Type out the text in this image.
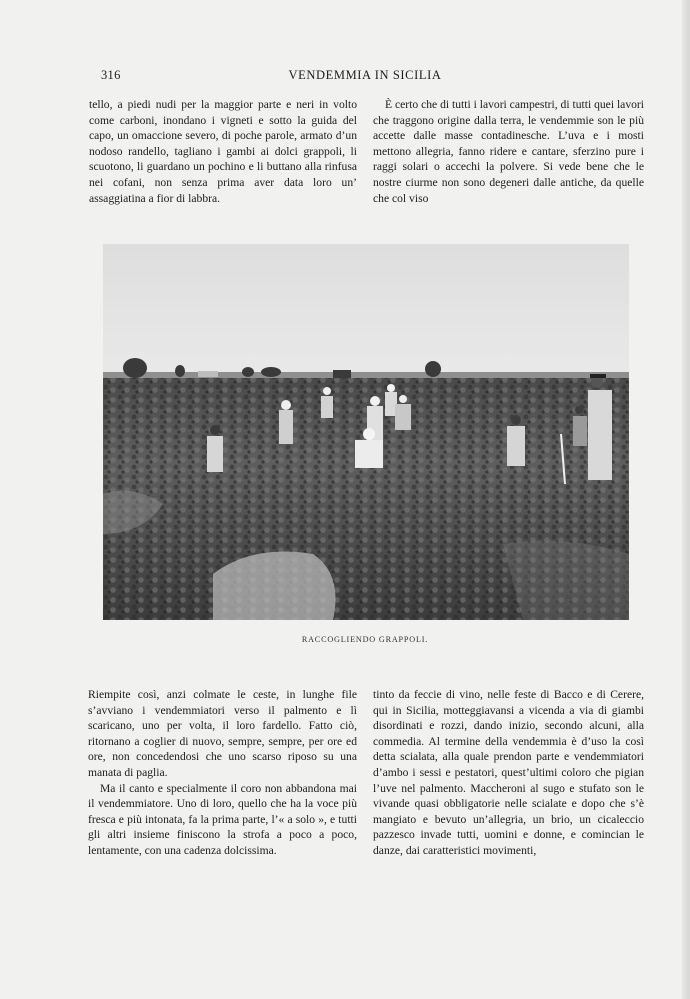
316	VENDEMMIA IN SICILIA

tello, a piedi nudi per la maggior parte e neri in volto come carboni, inondano i vigneti e sotto la guida del capo, un omaccione severo, di poche parole, armato d’un nodoso randello, tagliano i gambi ai dolci grappoli, li scuotono, li guardano un pochino e li buttano alla rinfusa nei cofani, non senza prima aver data loro un’ assaggiatina a fior di labbra.

È certo che di tutti i lavori campestri, di tutti quei lavori che traggono origine dalla terra, le vendemmie son le più accette dalle masse contadinesche. L’uva e i mosti mettono allegria, fanno ridere e cantare, sferzino pure i raggi solari o accechi la polvere. Si vede bene che le nostre ciurme non sono degeneri dalle antiche, da quelle che col viso

RACCOGLIENDO GRAPPOLI.

Riempite così, anzi colmate le ceste, in lunghe file s’avviano i vendemmiatori verso il palmento e lì scaricano, uno per volta, il loro fardello. Fatto ciò, ritornano a coglier di nuovo, sempre, sempre, per ore ed ore, non concedendosi che uno scarso riposo su una manata di paglia.

Ma il canto e specialmente il coro non abbandona mai il vendemmiatore. Uno di loro, quello che ha la voce più fresca e più intonata, fa la prima parte, l’« a solo », e tutti gli altri insieme finiscono la strofa a poco a poco, lentamente, con una cadenza dolcissima.

tinto da feccie di vino, nelle feste di Bacco e di Cerere, qui in Sicilia, motteggiavansi a vicenda a via di giambi disordinati e rozzi, dando inizio, secondo alcuni, alla commedia. Al termine della vendemmia è d’uso la così detta scialata, alla quale prendon parte e vendemmiatori d’ambo i sessi e pestatori, quest’ultimi coloro che pigian l’uve nel palmento. Maccheroni al sugo e stufato son le vivande quasi obbligatorie nelle scialate e dopo che s’è mangiato e bevuto un’allegria, un brio, un cicaleccio pazzesco invade tutti, uomini e donne, e comincian le danze, dai caratteristici movimenti,
